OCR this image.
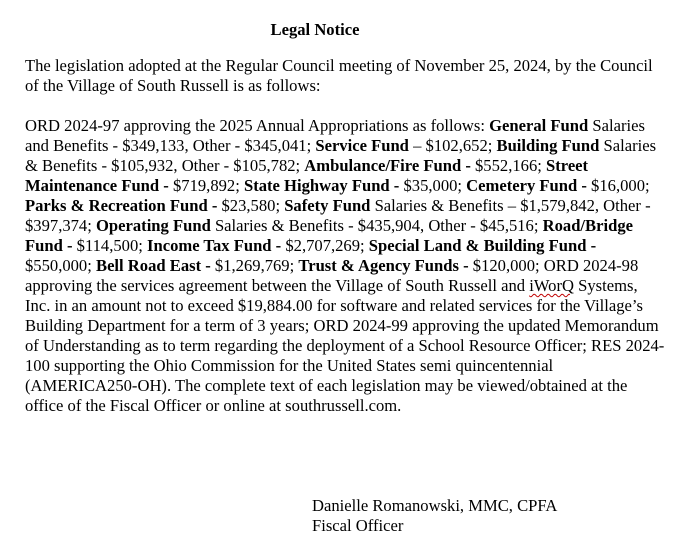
Legal Notice

The legislation adopted at the Regular Council meeting of November 25, 2024, by the Council of the Village of South Russell is as follows:

ORD 2024-97 approving the 2025 Annual Appropriations as follows: General Fund Salaries and Benefits - $349,133, Other - $345,041; Service Fund – $102,652; Building Fund Salaries & Benefits - $105,932, Other - $105,782; Ambulance/Fire Fund - $552,166; Street Maintenance Fund - $719,892; State Highway Fund - $35,000; Cemetery Fund - $16,000; Parks & Recreation Fund - $23,580; Safety Fund Salaries & Benefits – $1,579,842, Other - $397,374; Operating Fund Salaries & Benefits - $435,904, Other - $45,516; Road/Bridge Fund - $114,500; Income Tax Fund - $2,707,269; Special Land & Building Fund - $550,000; Bell Road East - $1,269,769; Trust & Agency Funds - $120,000; ORD 2024-98 approving the services agreement between the Village of South Russell and iWorQ Systems, Inc. in an amount not to exceed $19,884.00 for software and related services for the Village’s Building Department for a term of 3 years; ORD 2024-99 approving the updated Memorandum of Understanding as to term regarding the deployment of a School Resource Officer; RES 2024-100 supporting the Ohio Commission for the United States semi quincentennial (AMERICA250-OH). The complete text of each legislation may be viewed/obtained at the office of the Fiscal Officer or online at southrussell.com.

Danielle Romanowski, MMC, CPFA
Fiscal Officer
